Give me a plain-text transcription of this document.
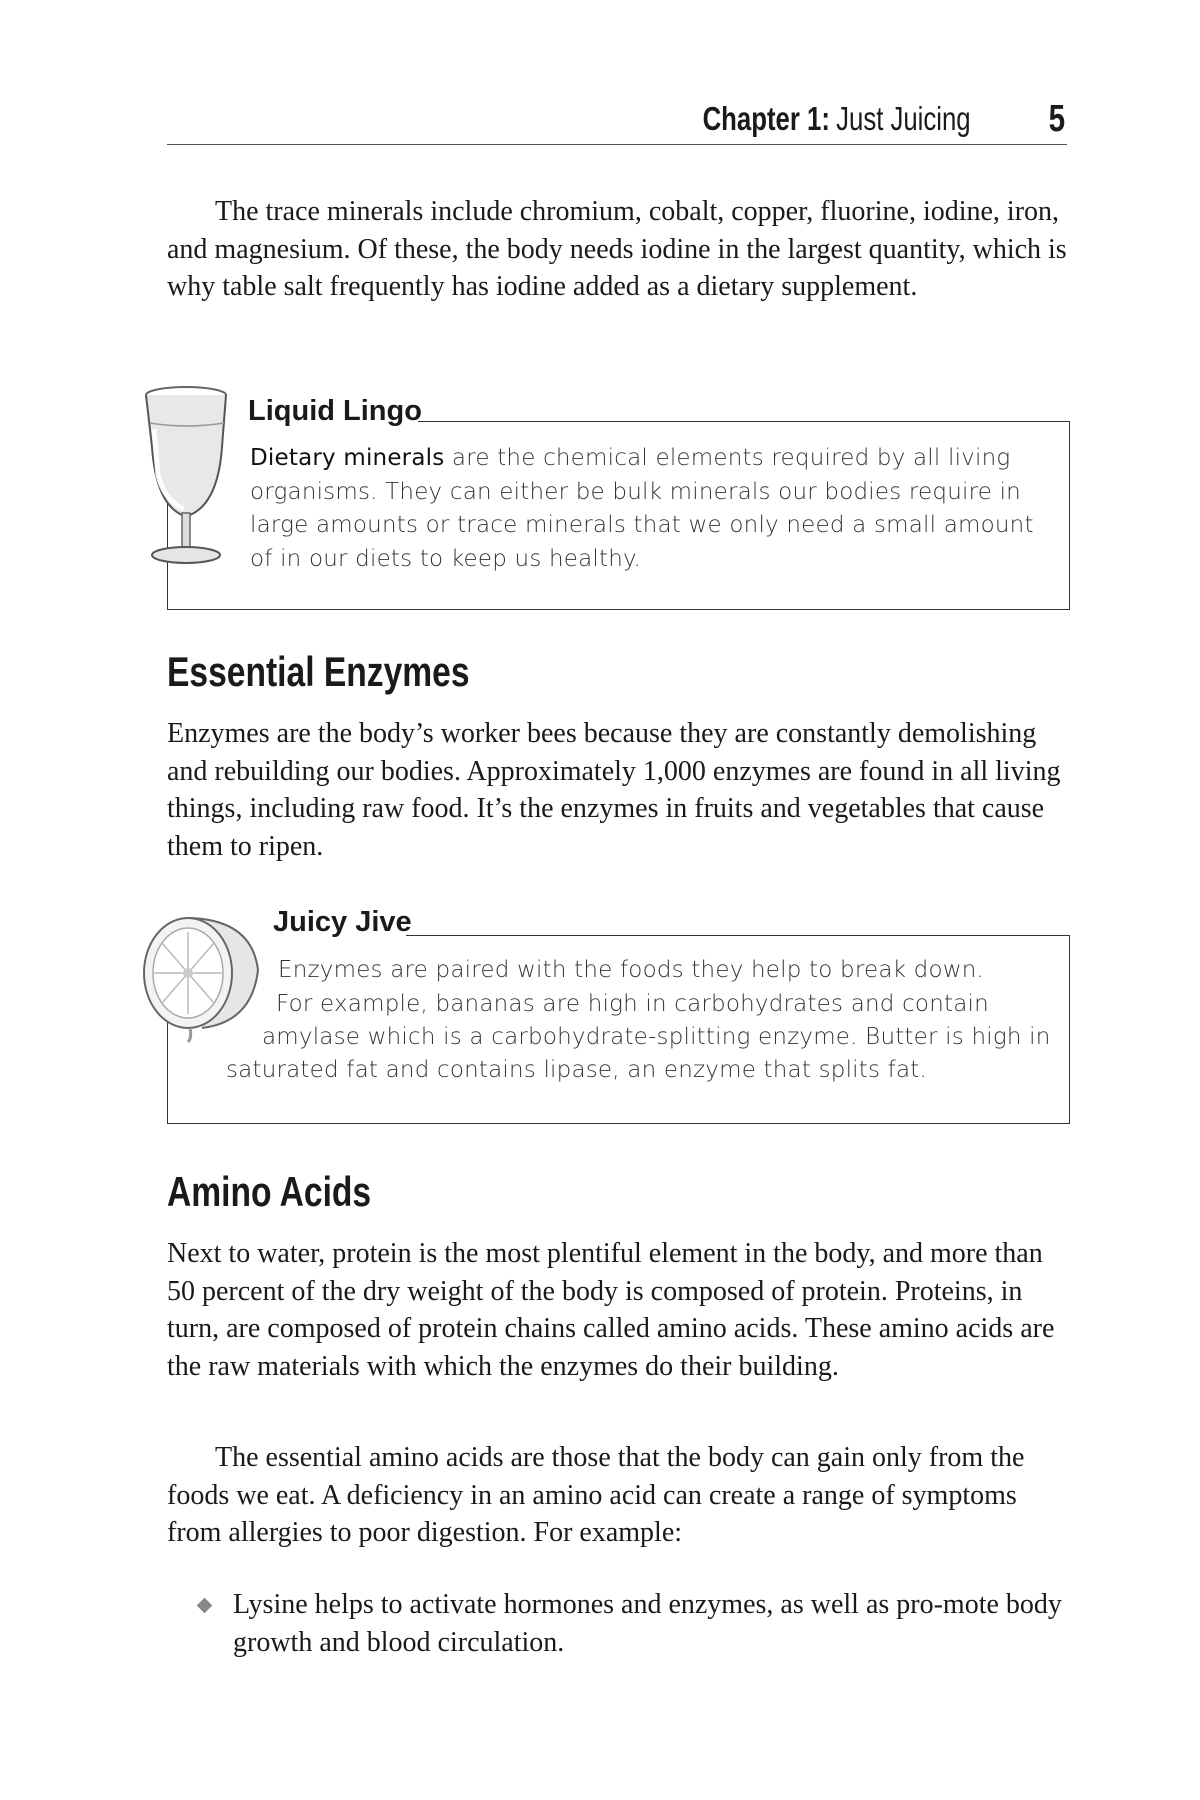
Chapter 1: Just Juicing 5

The trace minerals include chromium, cobalt, copper, fluorine, iodine, iron, and magnesium. Of these, the body needs iodine in the largest quantity, which is why table salt frequently has iodine added as a dietary supplement.

Liquid Lingo

Dietary minerals are the chemical elements required by all living organisms. They can either be bulk minerals our bodies require in large amounts or trace minerals that we only need a small amount of in our diets to keep us healthy.

Essential Enzymes

Enzymes are the body’s worker bees because they are constantly demolishing and rebuilding our bodies. Approximately 1,000 enzymes are found in all living things, including raw food. It’s the enzymes in fruits and vegetables that cause them to ripen.

Juicy Jive
Enzymes are paired with the foods they help to break down.
For example, bananas are high in carbohydrates and contain
amylase which is a carbohydrate-splitting enzyme. Butter is high in
saturated fat and contains lipase, an enzyme that splits fat.
Amino Acids

Next to water, protein is the most plentiful element in the body, and more than 50 percent of the dry weight of the body is composed of protein. Proteins, in turn, are composed of protein chains called amino acids. These amino acids are the raw materials with which the enzymes do their building.

The essential amino acids are those that the body can gain only from the foods we eat. A deficiency in an amino acid can create a range of symptoms from allergies to poor digestion. For example:

Lysine helps to activate hormones and enzymes, as well as pro-mote body growth and blood circulation.
